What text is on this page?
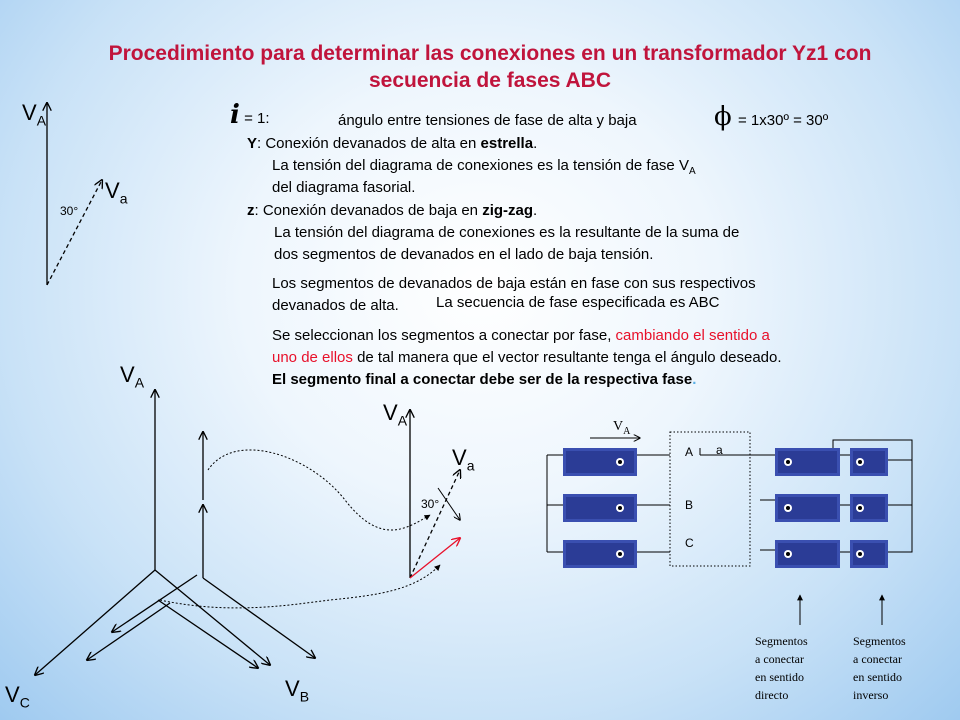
Procedimiento para determinar las conexiones en un transformador Yz1 con
secuencia de fases ABC
i = 1:	ángulo entre tensiones de fase de alta y baja	ϕ = 1x30º = 30º
Y: Conexión devanados de alta en estrella.
La tensión del diagrama de conexiones es la tensión de fase $V_A$
del diagrama fasorial.
z: Conexión devanados de baja en zig-zag.
La tensión del diagrama de conexiones es la resultante de la suma de
dos segmentos de devanados en el lado de baja tensión.
Los segmentos de devanados de baja están en fase con sus respectivos
devanados de alta. La secuencia de fase especificada es ABC
Se seleccionan los segmentos a conectar por fase, cambiando el sentido a
uno de ellos de tal manera que el vector resultante tenga el ángulo deseado.
El segmento final a conectar debe ser de la respectiva fase.
$V_A$
$V_a$
30°
$V_A$
$V_C$
$V_B$
$V_A$
$V_a$
30°
$V_A$
A a
B
C
Segmentos
a conectar
en sentido
directo
Segmentos
a conectar
en sentido
inverso
